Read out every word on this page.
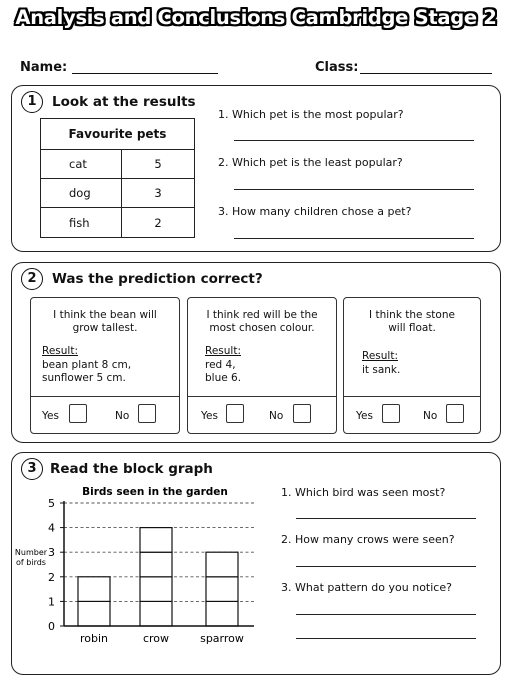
Analysis and Conclusions Cambridge Stage 2
Name:	Class:
1	Look at the results
Favourite pets	
cat	5
dog	3
fish	2
1. Which pet is the most popular?
2. Which pet is the least popular?
3. How many children chose a pet?
2	Was the prediction correct?
I think the bean will
grow tallest.
Result:
bean plant 8 cm,
sunflower 5 cm.
Yes	No
I think red will be the
most chosen colour.
Result:
red 4,
blue 6.
Yes	No
I think the stone
will float.
Result:
it sank.
Yes	No
3 Read the block graph
Birds seen in the garden
Number
of birds
0
1
2
3
4
5
robin	crow	sparrow
1. Which bird was seen most?
2. How many crows were seen?
3. What pattern do you notice?
